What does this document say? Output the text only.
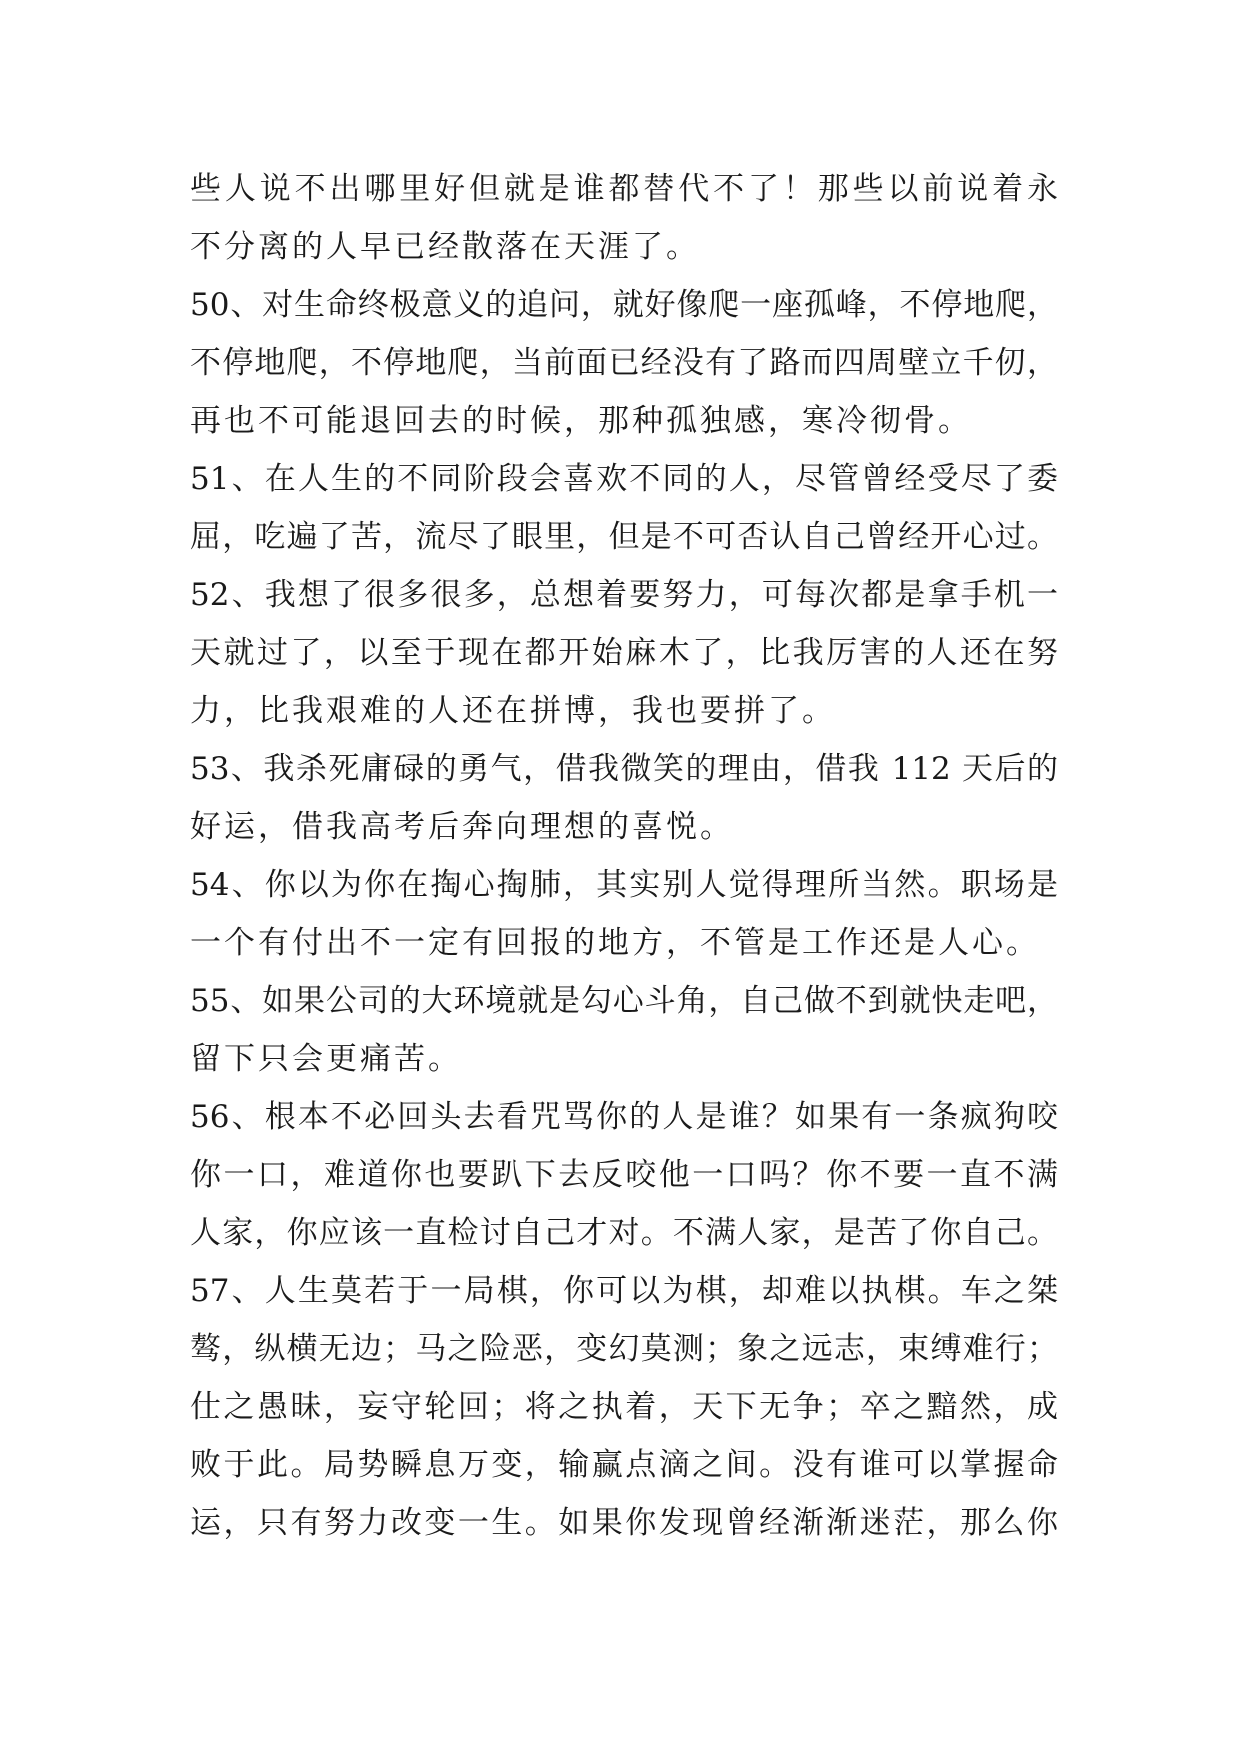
些人说不出哪里好但就是谁都替代不了！那些以前说着永
不分离的人早已经散落在天涯了。
50、对生命终极意义的追问，就好像爬一座孤峰，不停地爬，
不停地爬，不停地爬，当前面已经没有了路而四周壁立千仞，
再也不可能退回去的时候，那种孤独感，寒冷彻骨。
51、在人生的不同阶段会喜欢不同的人，尽管曾经受尽了委
屈，吃遍了苦，流尽了眼里，但是不可否认自己曾经开心过。
52、我想了很多很多，总想着要努力，可每次都是拿手机一
天就过了，以至于现在都开始麻木了，比我厉害的人还在努
力，比我艰难的人还在拼博，我也要拼了。
53、我杀死庸碌的勇气，借我微笑的理由，借我 112 天后的
好运，借我高考后奔向理想的喜悦。
54、你以为你在掏心掏肺，其实别人觉得理所当然。职场是
一个有付出不一定有回报的地方，不管是工作还是人心。
55、如果公司的大环境就是勾心斗角，自己做不到就快走吧，
留下只会更痛苦。
56、根本不必回头去看咒骂你的人是谁？如果有一条疯狗咬
你一口，难道你也要趴下去反咬他一口吗？你不要一直不满
人家，你应该一直检讨自己才对。不满人家，是苦了你自己。
57、人生莫若于一局棋，你可以为棋，却难以执棋。车之桀
骜，纵横无边；马之险恶，变幻莫测；象之远志，束缚难行；
仕之愚昧，妄守轮回；将之执着，天下无争；卒之黯然，成
败于此。局势瞬息万变，输赢点滴之间。没有谁可以掌握命
运，只有努力改变一生。如果你发现曾经渐渐迷茫，那么你
